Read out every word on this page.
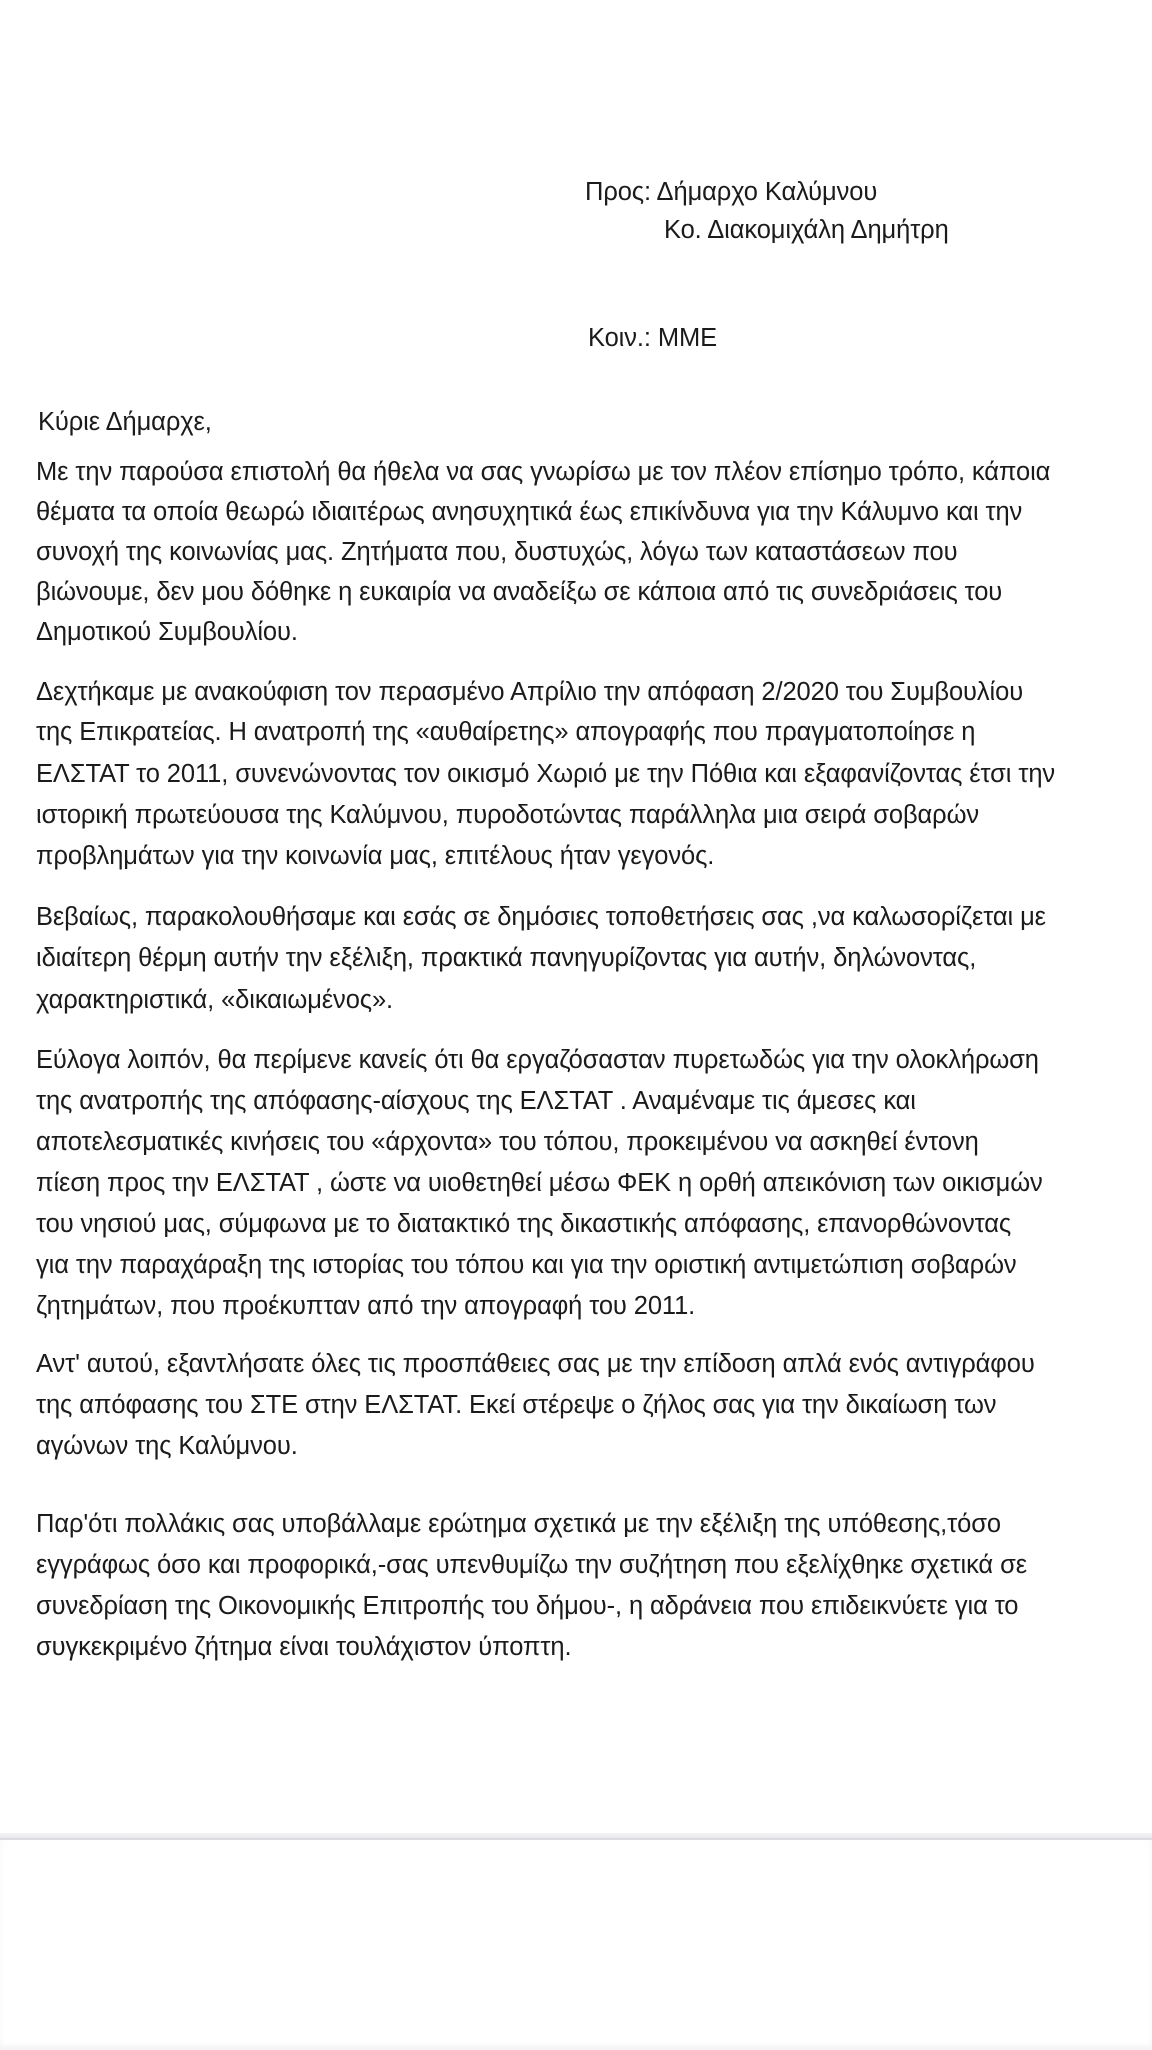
Προς: Δήμαρχο Καλύμνου
Κο. Διακομιχάλη Δημήτρη
Κοιν.: ΜΜΕ
Κύριε Δήμαρχε,
Με την παρούσα επιστολή θα ήθελα να σας γνωρίσω με τον πλέον επίσημο τρόπο, κάποια
θέματα τα οποία θεωρώ ιδιαιτέρως ανησυχητικά έως επικίνδυνα για την Κάλυμνο και την
συνοχή της κοινωνίας μας. Ζητήματα που, δυστυχώς, λόγω των καταστάσεων που
βιώνουμε, δεν μου δόθηκε η ευκαιρία να αναδείξω σε κάποια από τις συνεδριάσεις του
Δημοτικού Συμβουλίου.
Δεχτήκαμε με ανακούφιση τον περασμένο Απρίλιο την απόφαση 2/2020 του Συμβουλίου
της Επικρατείας. Η ανατροπή της «αυθαίρετης» απογραφής που πραγματοποίησε η
ΕΛΣΤΑΤ το 2011, συνενώνοντας τον οικισμό Χωριό με την Πόθια και εξαφανίζοντας έτσι την
ιστορική πρωτεύουσα της Καλύμνου, πυροδοτώντας παράλληλα μια σειρά σοβαρών
προβλημάτων για την κοινωνία μας, επιτέλους ήταν γεγονός.
Βεβαίως, παρακολουθήσαμε και εσάς σε δημόσιες τοποθετήσεις σας ,να καλωσορίζεται με
ιδιαίτερη θέρμη αυτήν την εξέλιξη, πρακτικά πανηγυρίζοντας για αυτήν, δηλώνοντας,
χαρακτηριστικά, «δικαιωμένος».
Εύλογα λοιπόν, θα περίμενε κανείς ότι θα εργαζόσασταν πυρετωδώς για την ολοκλήρωση
της ανατροπής της απόφασης-αίσχους της ΕΛΣΤΑΤ . Αναμέναμε τις άμεσες και
αποτελεσματικές κινήσεις του «άρχοντα» του τόπου, προκειμένου να ασκηθεί έντονη
πίεση προς την ΕΛΣΤΑΤ , ώστε να υιοθετηθεί μέσω ΦΕΚ η ορθή απεικόνιση των οικισμών
του νησιού μας, σύμφωνα με το διατακτικό της δικαστικής απόφασης, επανορθώνοντας
για την παραχάραξη της ιστορίας του τόπου και για την οριστική αντιμετώπιση σοβαρών
ζητημάτων, που προέκυπταν από την απογραφή του 2011.
Αντ' αυτού, εξαντλήσατε όλες τις προσπάθειες σας με την επίδοση απλά ενός αντιγράφου
της απόφασης του ΣΤΕ στην ΕΛΣΤΑΤ. Εκεί στέρεψε ο ζήλος σας για την δικαίωση των
αγώνων της Καλύμνου.
Παρ'ότι πολλάκις σας υποβάλλαμε ερώτημα σχετικά με την εξέλιξη της υπόθεσης,τόσο
εγγράφως όσο και προφορικά,-σας υπενθυμίζω την συζήτηση που εξελίχθηκε σχετικά σε
συνεδρίαση της Οικονομικής Επιτροπής του δήμου-, η αδράνεια που επιδεικνύετε για το
συγκεκριμένο ζήτημα είναι τουλάχιστον ύποπτη.
